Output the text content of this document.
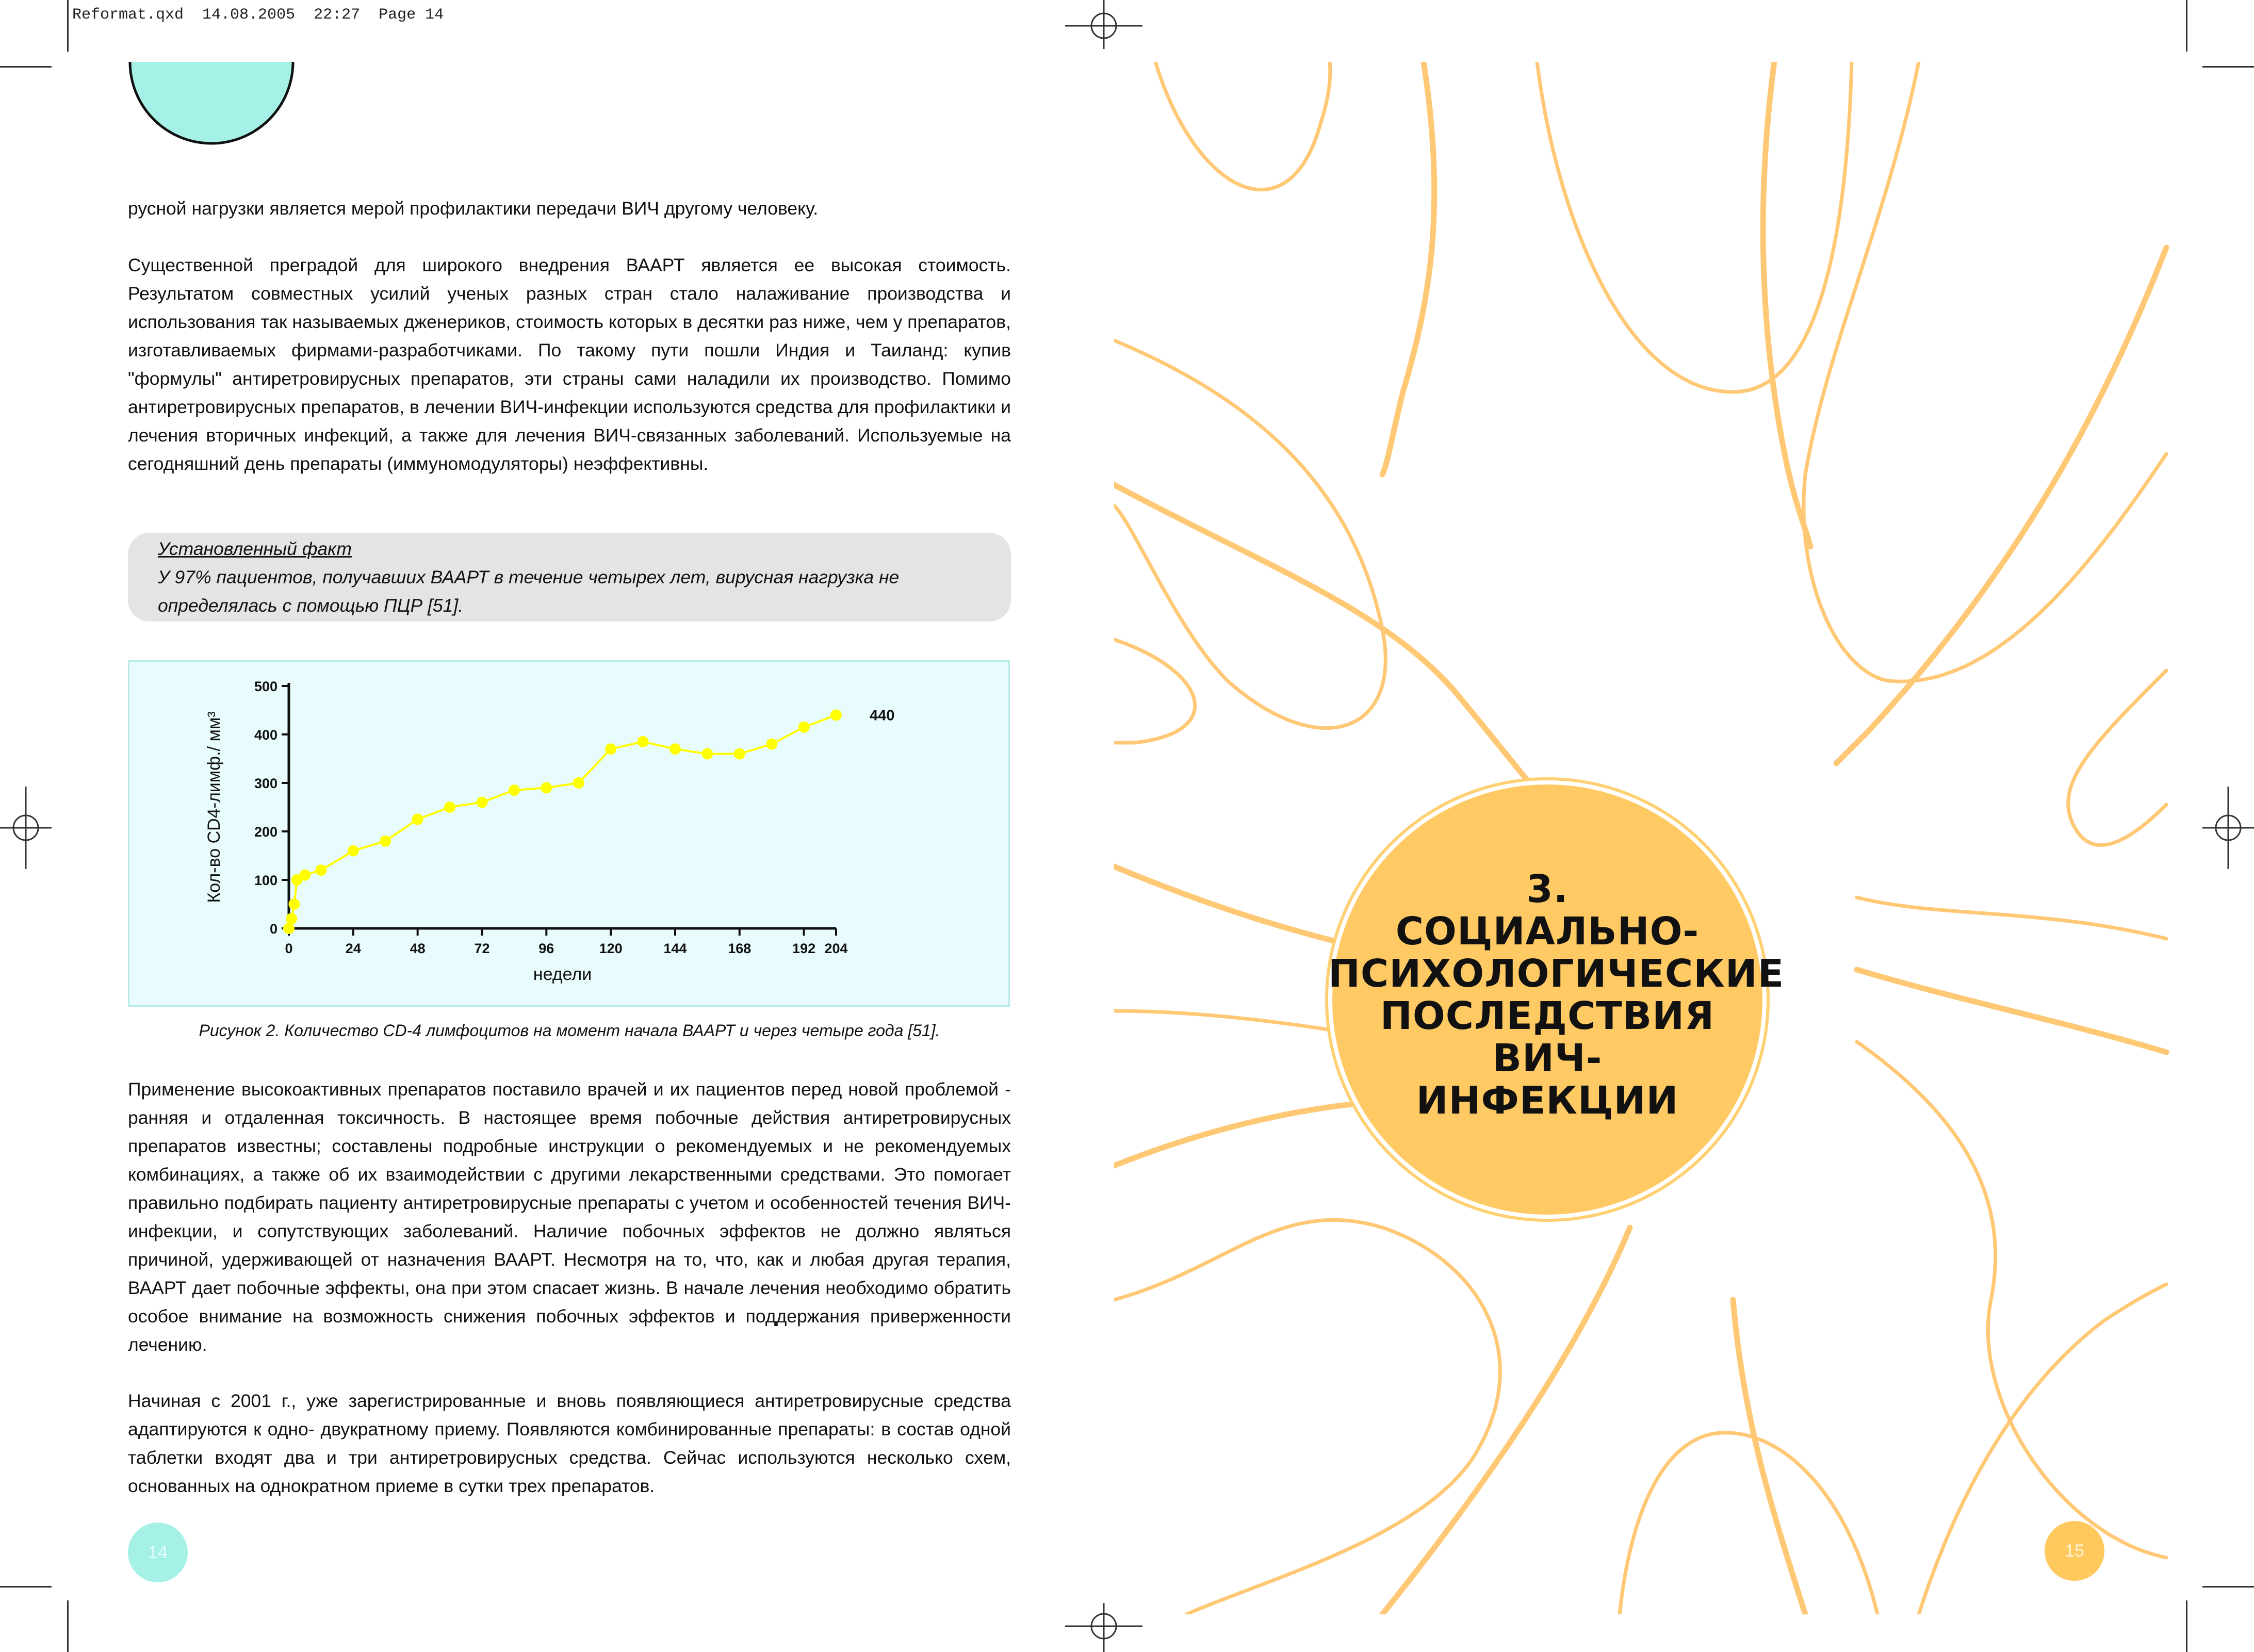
Reformat.qxd  14.08.2005  22:27  Page 14
русной нагрузки является мерой профилактики передачи ВИЧ другому человеку.
Существенной преградой для широкого внедрения ВААРТ является ее высокая стоимость. Результатом совместных усилий ученых разных стран стало налаживание производства и использования так называемых дженериков, стоимость которых в десятки раз ниже, чем у препаратов, изготавливаемых фирмами-разработчиками. По такому пути пошли Индия и Таиланд: купив "формулы" антиретровирусных препаратов, эти страны сами наладили их производство. Помимо антиретровирусных препаратов, в лечении ВИЧ-инфекции используются средства для профилактики и лечения вторичных инфекций, а также для лечения ВИЧ-связанных заболеваний. Используемые на сегодняшний день препараты (иммуномодуляторы) неэффективны.
Установленный факт
У 97% пациентов, получавших ВААРТ в течение четырех лет, вирусная нагрузка не определялась с помощью ПЦР [51].
0
100
200
300
400
500
0	24	48	72	96	120	144	168	192 204
440
недели
Кол-во CD4-лимф./ мм³
Рисунок 2. Количество CD-4 лимфоцитов на момент начала ВААРТ и через четыре года [51].
Применение высокоактивных препаратов поставило врачей и их пациентов перед новой проблемой - ранняя и отдаленная токсичность. В настоящее время побочные действия антиретровирусных препаратов известны; составлены подробные инструкции о рекомендуемых и не рекомендуемых комбинациях, а также об их взаимодействии с другими лекарственными средствами. Это помогает правильно подбирать пациенту антиретровирусные препараты с учетом и особенностей течения ВИЧ-инфекции, и сопутствующих заболеваний. Наличие побочных эффектов не должно являться причиной, удерживающей от назначения ВААРТ. Несмотря на то, что, как и любая другая терапия, ВААРТ дает побочные эффекты, она при этом спасает жизнь. В начале лечения необходимо обратить особое внимание на возможность снижения побочных эффектов и поддержания приверженности лечению.
Начиная с 2001 г., уже зарегистрированные и вновь появляющиеся антиретровирусные средства адаптируются к одно- двукратному приему. Появляются комбинированные препараты: в состав одной таблетки входят два и три антиретровирусных средства. Сейчас используются несколько схем, основанных на однократном приеме в сутки трех препаратов.
14
3.
СОЦИАЛЬНО-
ПСИХОЛОГИЧЕСКИЕ
ПОСЛЕДСТВИЯ ВИЧ-
ИНФЕКЦИИ
15
